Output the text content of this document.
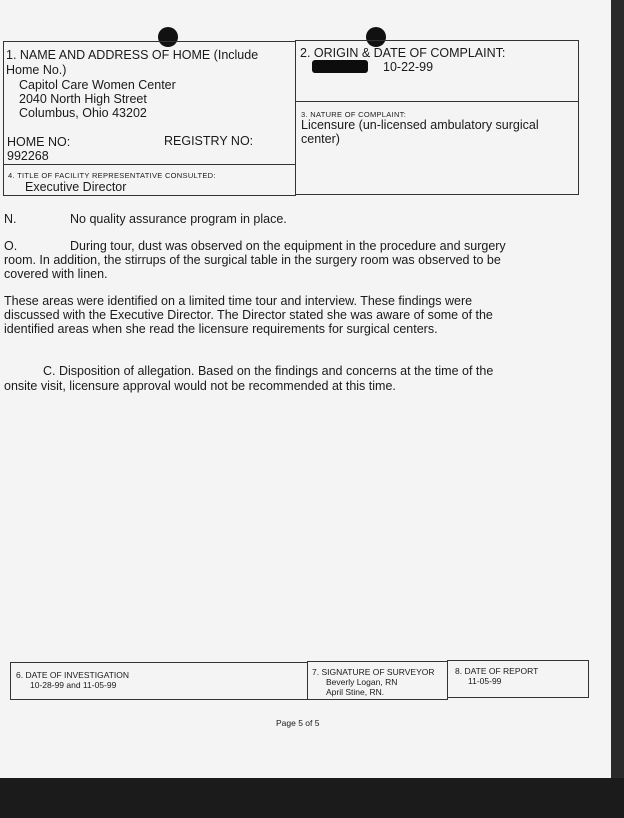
1. NAME AND ADDRESS OF HOME (Include
Home No.)
Capitol Care Women Center
2040 North High Street
Columbus, Ohio 43202
HOME NO:	REGISTRY NO:
992268
4. TITLE OF FACILITY REPRESENTATIVE CONSULTED:
Executive Director
2. ORIGIN & DATE OF COMPLAINT:
10-22-99
3. NATURE OF COMPLAINT:
Licensure (un-licensed ambulatory surgical
center)
N.	No quality assurance program in place.
O.	During tour, dust was observed on the equipment in the procedure and surgery
room. In addition, the stirrups of the surgical table in the surgery room was observed to be
covered with linen.
These areas were identified on a limited time tour and interview. These findings were
discussed with the Executive Director. The Director stated she was aware of some of the
identified areas when she read the licensure requirements for surgical centers.
C. Disposition of allegation. Based on the findings and concerns at the time of the
onsite visit, licensure approval would not be recommended at this time.
6. DATE OF INVESTIGATION
10-28-99 and 11-05-99
7. SIGNATURE OF SURVEYOR
Beverly Logan, RN
April Stine, RN.
8. DATE OF REPORT
11-05-99
Page 5 of 5
